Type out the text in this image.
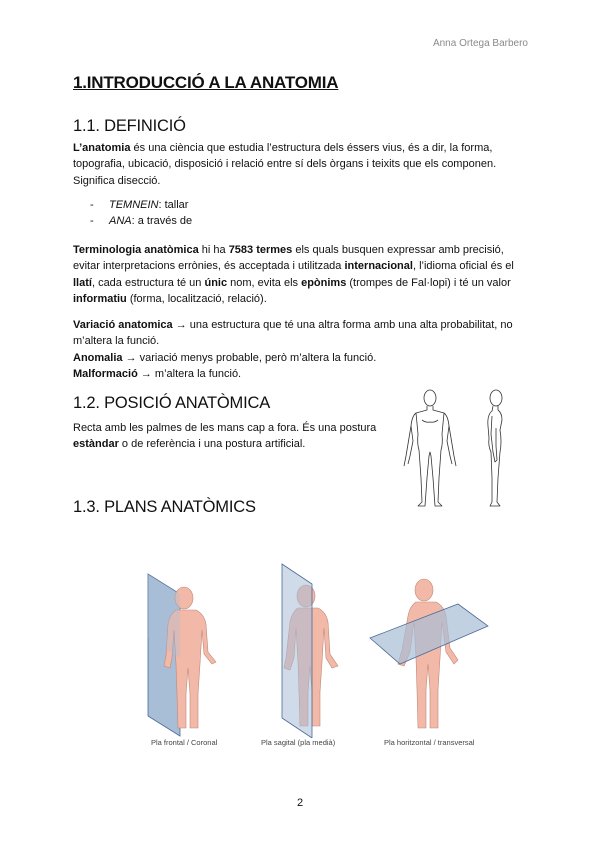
Anna Ortega Barbero
1.INTRODUCCIÓ A LA ANATOMIA
1.1. DEFINICIÓ
L’anatomia és una ciència que estudia l’estructura dels éssers vius, és a dir, la forma, topografia, ubicació, disposició i relació entre sí dels òrgans i teixits que els componen. Significa disecció.
- TEMNEIN: tallar
- ANA: a través de
Terminologia anatòmica hi ha 7583 termes els quals busquen expressar amb precisió, evitar interpretacions errònies, és acceptada i utilitzada internacional, l’idioma oficial és el llatí, cada estructura té un únic nom, evita els epònims (trompes de Fal·lopi) i té un valor informatiu (forma, localització, relació).
Variació anatomica → una estructura que té una altra forma amb una alta probabilitat, no m’altera la funció.
Anomalia → variació menys probable, però m’altera la funció.
Malformació → m’altera la funció.
1.2. POSICIÓ ANATÒMICA
Recta amb les palmes de les mans cap a fora. És una postura estàndar o de referència i una postura artificial.
1.3. PLANS ANATÒMICS
Pla frontal / Coronal	Pla sagital (pla medià)	Pla horitzontal / transversal
2
